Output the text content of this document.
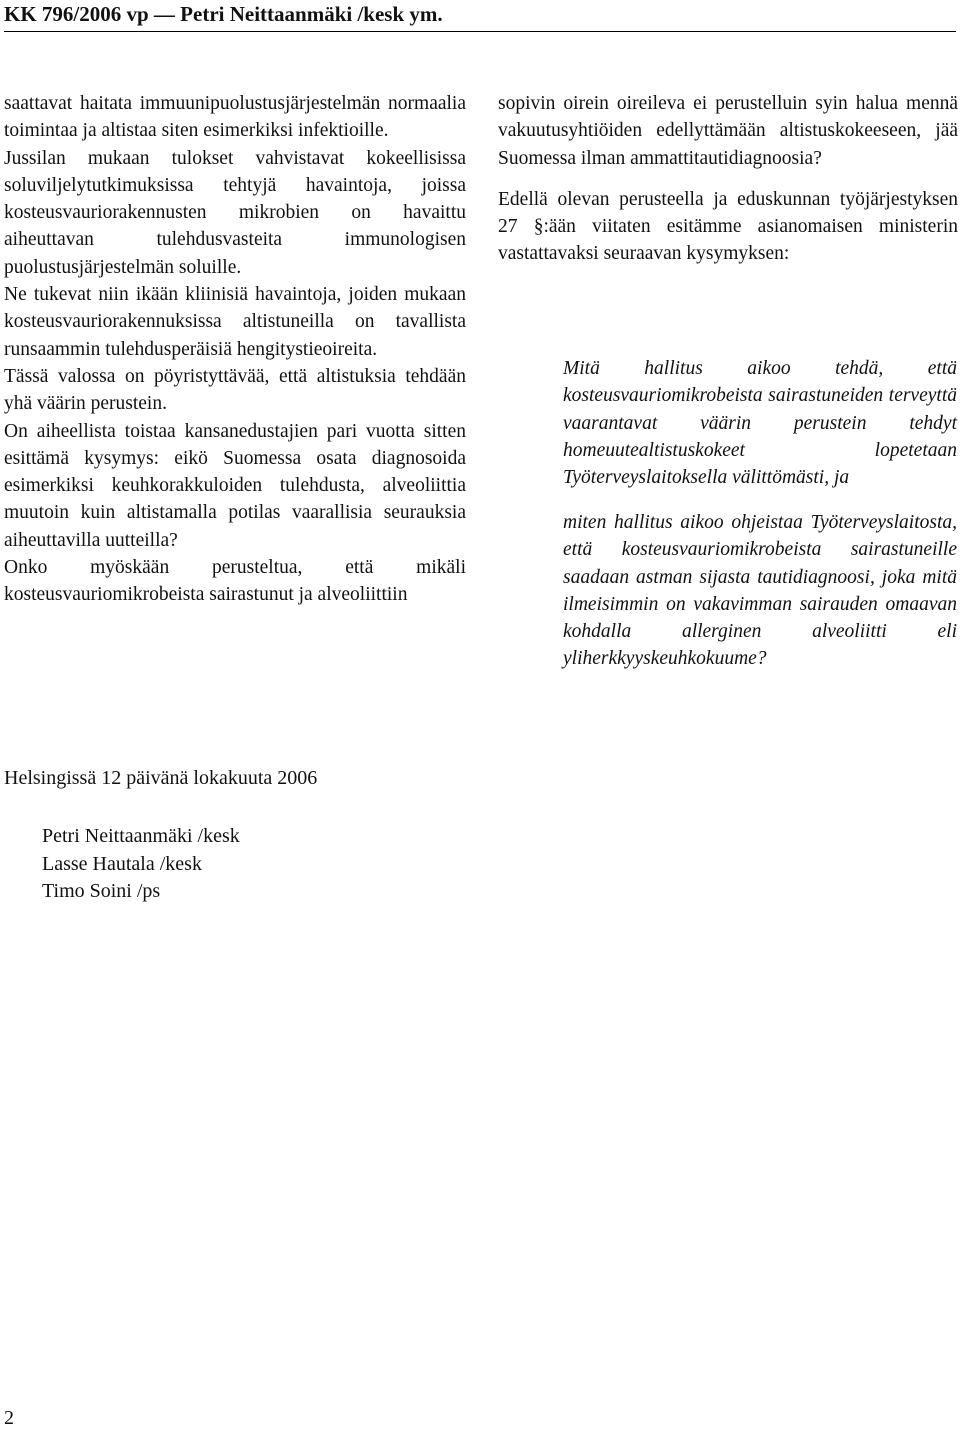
KK 796/2006 vp — Petri Neittaanmäki /kesk ym.

saattavat haitata immuunipuolustusjärjestelmän normaalia toimintaa ja altistaa siten esimerkiksi infektioille.

Jussilan mukaan tulokset vahvistavat kokeellisissa soluviljelytutkimuksissa tehtyjä havaintoja, joissa kosteusvauriorakennusten mikrobien on havaittu aiheuttavan tulehdusvasteita immunologisen puolustusjärjestelmän soluille.

Ne tukevat niin ikään kliinisiä havaintoja, joiden mukaan kosteusvauriorakennuksissa altistuneilla on tavallista runsaammin tulehdusperäisiä hengitystieoireita.

Tässä valossa on pöyristyttävää, että altistuksia tehdään yhä väärin perustein.

On aiheellista toistaa kansanedustajien pari vuotta sitten esittämä kysymys: eikö Suomessa osata diagnosoida esimerkiksi keuhkorakkuloiden tulehdusta, alveoliittia muutoin kuin altistamalla potilas vaarallisia seurauksia aiheuttavilla uutteilla?

Onko myöskään perusteltua, että mikäli kosteusvauriomikrobeista sairastunut ja alveoliittiin

sopivin oirein oireileva ei perustelluin syin halua mennä vakuutusyhtiöiden edellyttämään altistuskokeeseen, jää Suomessa ilman ammattitautidiagnoosia?

Edellä olevan perusteella ja eduskunnan työjärjestyksen 27 §:ään viitaten esitämme asianomaisen ministerin vastattavaksi seuraavan kysymyksen:

Mitä hallitus aikoo tehdä, että kosteusvauriomikrobeista sairastuneiden terveyttä vaarantavat väärin perustein tehdyt homeuutealtistuskokeet lopetetaan Työterveyslaitoksella välittömästi, ja

miten hallitus aikoo ohjeistaa Työterveyslaitosta, että kosteusvauriomikrobeista sairastuneille saadaan astman sijasta tautidiagnoosi, joka mitä ilmeisimmin on vakavimman sairauden omaavan kohdalla allerginen alveoliitti eli yliherkkyyskeuhkokuume?

Helsingissä 12 päivänä lokakuuta 2006
Petri Neittaanmäki /kesk
Lasse Hautala /kesk
Timo Soini /ps
2
